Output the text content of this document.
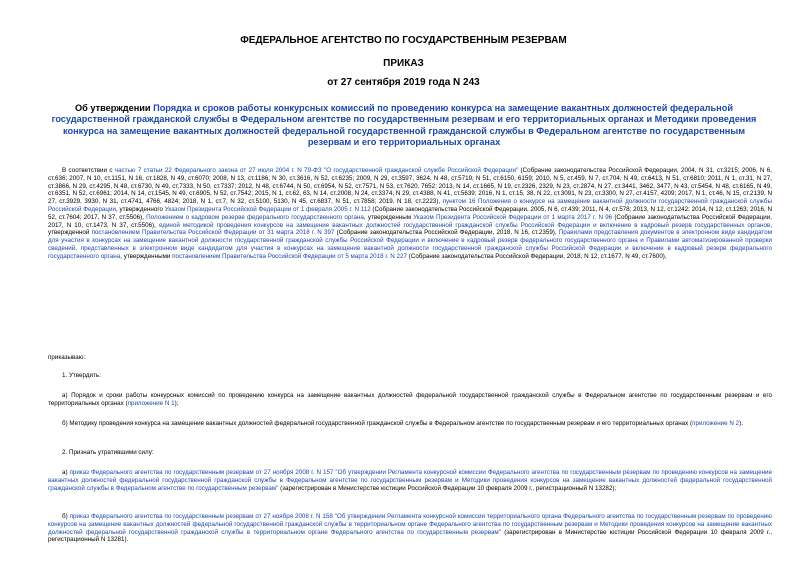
ФЕДЕРАЛЬНОЕ АГЕНТСТВО ПО ГОСУДАРСТВЕННЫМ РЕЗЕРВАМ
ПРИКАЗ
от 27 сентября 2019 года N 243
Об утверждении Порядка и сроков работы конкурсных комиссий по проведению конкурса на замещение вакантных должностей федеральной государственной гражданской службы в Федеральном агентстве по государственным резервам и его территориальных органах и Методики проведения конкурса на замещение вакантных должностей федеральной государственной гражданской службы в Федеральном агентстве по государственным резервам и его территориальных органах
В соответствии с частью 7 статьи 22 Федерального закона от 27 июля 2004 г. N 79-ФЗ "О государственной гражданской службе Российской Федерации" (Собрание законодательства Российской Федерации, 2004, N 31, ст.3215; 2006, N 6, ст.636; 2007, N 10, ст.1151, N 16, ст.1828, N 49, ст.6070; 2008, N 13, ст.1186, N 30, ст.3616, N 52, ст.6235; 2009, N 29, ст.3597, 3624, N 48, ст.5719, N 51, ст.6150, 6159; 2010, N 5, ст.459, N 7, ст.704, N 49, ст.6413, N 51, ст.6810; 2011, N 1, ст.31, N 27, ст.3866, N 29, ст.4295, N 48, ст.6730, N 49, ст.7333, N 50, ст.7337; 2012, N 48, ст.6744, N 50, ст.6954, N 52, ст.7571, N 53, ст.7620, 7652; 2013, N 14, ст.1665, N 19, ст.2326, 2329, N 23, ст.2874, N 27, ст.3441, 3462, 3477, N 43, ст.5454, N 48, ст.6165, N 49, ст.6351, N 52, ст.6961; 2014, N 14, ст.1545, N 49, ст.6905, N 52, ст.7542; 2015, N 1, ст.62, 63, N 14, ст.2008, N 24, ст.3374, N 29, ст.4388, N 41, ст.5639; 2016, N 1, ст.15, 38, N 22, ст.3091, N 23, ст.3300, N 27, ст.4157, 4209; 2017, N 1, ст.46, N 15, ст.2139, N 27, ст.3929, 3930, N 31, ст.4741, 4766, 4824; 2018, N 1, ст.7, N 32, ст.5100, 5130, N 45, ст.6837, N 51, ст.7858; 2019, N 18, ст.2223), пунктом 16 Положения о конкурсе на замещение вакантной должности государственной гражданской службы Российской Федерации, утвержденного Указом Президента Российской Федерации от 1 февраля 2005 г. N 112 (Собрание законодательства Российской Федерации, 2005, N 6, ст.439; 2011, N 4, ст.578; 2013, N 12, ст.1242; 2014, N 12, ст.1263; 2016, N 52, ст.7604; 2017, N 37, ст.5506), Положением о кадровом резерве федерального государственного органа, утвержденным Указом Президента Российской Федерации от 1 марта 2017 г. N 96 (Собрание законодательства Российской Федерации, 2017, N 10, ст.1473, N 37, ст.5506), единой методикой проведения конкурсов на замещение вакантных должностей государственной гражданской службы Российской Федерации и включение в кадровый резерв государственных органов, утвержденной постановлением Правительства Российской Федерации от 31 марта 2018 г. N 397 (Собрание законодательства Российской Федерации, 2018, N 16, ст.2359), Правилами представления документов в электронном виде кандидатом для участия в конкурсах на замещение вакантной должности государственной гражданской службы Российской Федерации и включение в кадровый резерв федерального государственного органа и Правилами автоматизированной проверки сведений, представленных в электронном виде кандидатом для участия в конкурсах на замещение вакантной должности государственной гражданской службы Российской Федерации и включение в кадровый резерв федерального государственного органа, утвержденными постановлением Правительства Российской Федерации от 5 марта 2018 г. N 227 (Собрание законодательства Российской Федерации, 2018, N 12, ст.1677, N 49, ст.7600),
приказываю:
1. Утвердить:
а) Порядок и сроки работы конкурсных комиссий по проведению конкурса на замещение вакантных должностей федеральной государственной гражданской службы в Федеральном агентстве по государственным резервам и его территориальных органах (приложение N 1);
б) Методику проведения конкурса на замещение вакантных должностей федеральной государственной гражданской службы в Федеральном агентстве по государственным резервам и его территориальных органах (приложение N 2).
2. Признать утратившими силу:
а) приказ Федерального агентства по государственным резервам от 27 ноября 2008 г. N 157 "Об утверждении Регламента конкурсной комиссии Федерального агентства по государственным резервам по проведению конкурсов на замещение вакантных должностей федеральной государственной гражданской службы в Федеральном агентстве по государственным резервам и Методики проведения конкурсов на замещение вакантных должностей федеральной государственной гражданской службы в Федеральном агентстве по государственным резервам" (зарегистрирован в Министерстве юстиции Российской Федерации 10 февраля 2009 г., регистрационный N 13282);
б) приказ Федерального агентства по государственным резервам от 27 ноября 2008 г. N 158 "Об утверждении Регламента конкурсной комиссии территориального органа Федерального агентства по государственным резервам по проведению конкурсов на замещение вакантных должностей федеральной государственной гражданской службы в территориальном органе Федерального агентства по государственным резервам и Методики проведения конкурсов на замещение вакантных должностей федеральной государственной гражданской службы в территориальном органе Федерального агентства по государственным резервам" (зарегистрирован в Министерстве юстиции Российской Федерации 10 февраля 2009 г., регистрационный N 13281).
